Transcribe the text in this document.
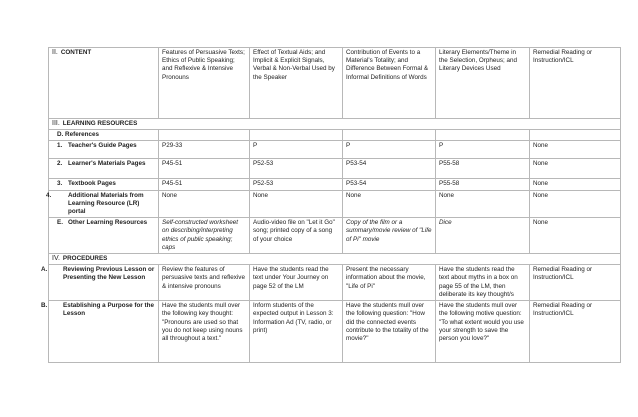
II. CONTENT	Features of Persuasive Texts; Ethics of Public Speaking; and Reflexive & Intensive Pronouns	Effect of Textual Aids; and Implicit & Explicit Signals, Verbal & Non-Verbal Used by the Speaker	Contribution of Events to a Material's Totality; and Difference Between Formal & Informal Definitions of Words	Literary Elements/Theme in the Selection, Orpheus; and Literary Devices Used	Remedial Reading or Instruction/ICL
III. LEARNING RESOURCES					
D. References					
1. Teacher's Guide Pages	P29-33	P	P	P	None
2. Learner's Materials Pages	P45-51	P52-53	P53-54	P55-58	None
3. Textbook Pages	P45-51	P52-53	P53-54	P55-58	None

4. Additional Materials from Learning Resource (LR) portal	None	None	None	None	None
E. Other Learning Resources	Self-constructed worksheet on describing/interpreting ethics of public speaking; caps	Audio-video file on "Let it Go" song; printed copy of a song of your choice	Copy of the film or a summary/movie review of "Life of Pi" movie	Dice	None
IV. PROCEDURES					

A. Reviewing Previous Lesson or Presenting the New Lesson	Review the features of persuasive texts and reflexive & intensive pronouns	Have the students read the text under Your Journey on page 52 of the LM	Present the necessary information about the movie, "Life of Pi"	Have the students read the text about myths in a box on page 55 of the LM, then deliberate its key thought/s	Remedial Reading or Instruction/ICL

B. Establishing a Purpose for the Lesson	Have the students mull over the following key thought: "Pronouns are used so that you do not keep using nouns all throughout a text."	Inform students of the expected output in Lesson 3: Information Ad (TV, radio, or print)	Have the students mull over the following question: "How did the connected events contribute to the totality of the movie?"	Have the students mull over the following motive question: "To what extent would you use your strength to save the person you love?"	Remedial Reading or Instruction/ICL
